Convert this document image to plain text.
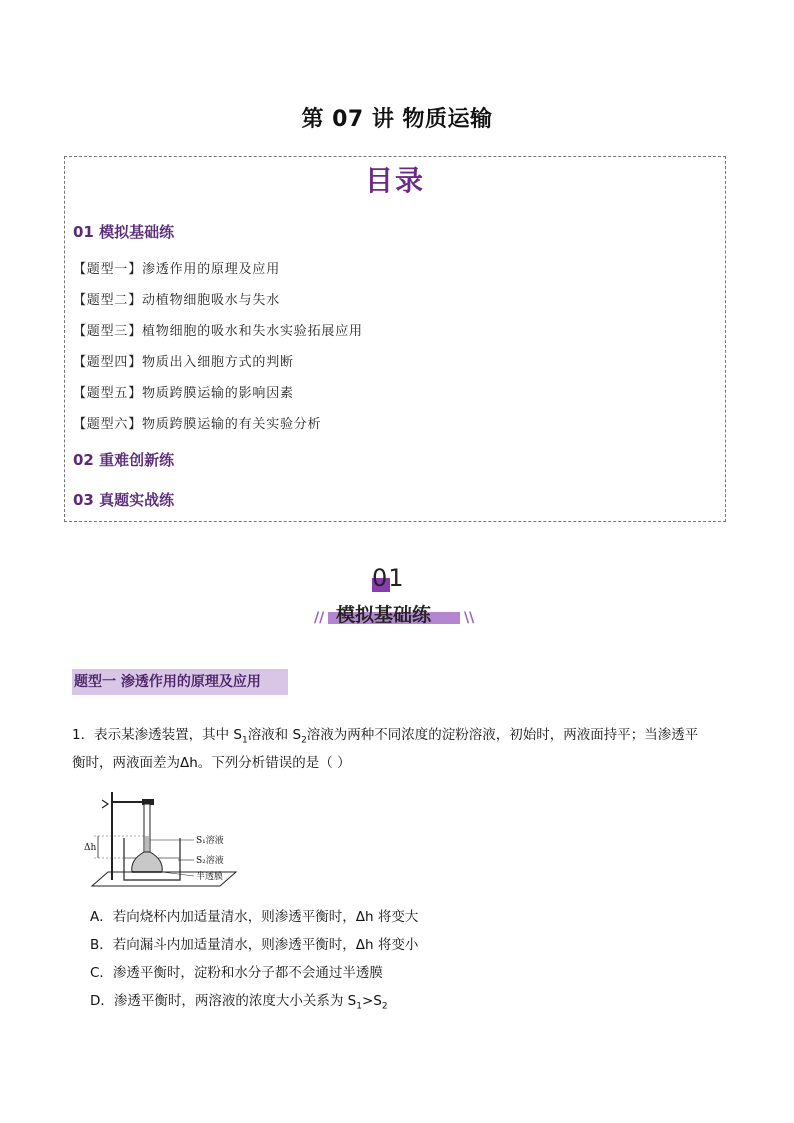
第 07 讲 物质运输
目录
01 模拟基础练
【题型一】渗透作用的原理及应用
【题型二】动植物细胞吸水与失水
【题型三】植物细胞的吸水和失水实验拓展应用
【题型四】物质出入细胞方式的判断
【题型五】物质跨膜运输的影响因素
【题型六】物质跨膜运输的有关实验分析
02 重难创新练
03 真题实战练
01
// 模拟基础练 \\
题型一 渗透作用的原理及应用
1．表示某渗透装置，其中 $S_1$溶液和 $S_2$溶液为两种不同浓度的淀粉溶液，初始时，两液面持平；当渗透平
衡时，两液面差为Δh。下列分析错误的是（ ）
Δh
S₁溶液
S₂溶液
半透膜
A．若向烧杯内加适量清水，则渗透平衡时，Δh 将变大
B．若向漏斗内加适量清水，则渗透平衡时，Δh 将变小
C．渗透平衡时，淀粉和水分子都不会通过半透膜
D．渗透平衡时，两溶液的浓度大小关系为 $S_1>S_2$
